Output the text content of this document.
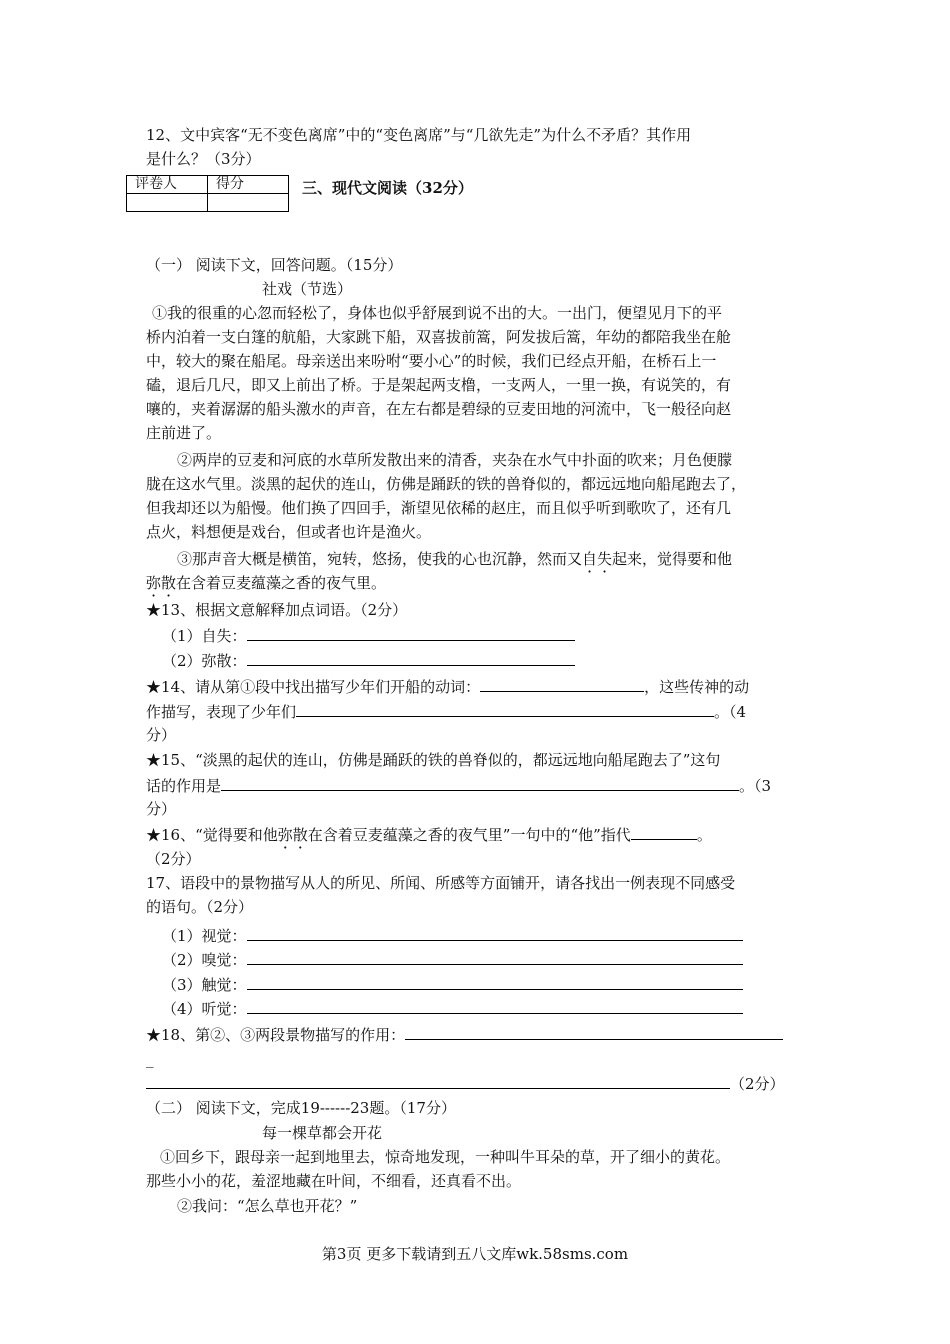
12、文中宾客“无不变色离席”中的“变色离席”与“几欲先走”为什么不矛盾？其作用
是什么？（3分）
评卷人	得分
		三、现代文阅读（32分）
（一） 阅读下文，回答问题。（15分）
社戏（节选）
①我的很重的心忽而轻松了，身体也似乎舒展到说不出的大。一出门，便望见月下的平
桥内泊着一支白篷的航船，大家跳下船，双喜拔前篙，阿发拔后篙，年幼的都陪我坐在舱
中，较大的聚在船尾。母亲送出来吩咐“要小心”的时候，我们已经点开船，在桥石上一
磕，退后几尺，即又上前出了桥。于是架起两支橹，一支两人，一里一换，有说笑的，有
嚷的，夹着潺潺的船头激水的声音，在左右都是碧绿的豆麦田地的河流中，飞一般径向赵
庄前进了。
②两岸的豆麦和河底的水草所发散出来的清香，夹杂在水气中扑面的吹来；月色便朦
胧在这水气里。淡黑的起伏的连山，仿佛是踊跃的铁的兽脊似的，都远远地向船尾跑去了，
但我却还以为船慢。他们换了四回手，渐望见依稀的赵庄，而且似乎听到歌吹了，还有几
点火，料想便是戏台，但或者也许是渔火。
③那声音大概是横笛，宛转，悠扬，使我的心也沉静，然而又自失起来，觉得要和他
弥散在含着豆麦蕴藻之香的夜气里。
★13、根据文意解释加点词语。（2分）
（1）自失：
（2）弥散：
★14、请从第①段中找出描写少年们开船的动词：	，这些传神的动
作描写，表现了少年们	。（4
分）
★15、“淡黑的起伏的连山，仿佛是踊跃的铁的兽脊似的，都远远地向船尾跑去了”这句
话的作用是	。（3
分）
★16、“觉得要和他弥散在含着豆麦蕴藻之香的夜气里”一句中的“他”指代	。
（2分）
17、语段中的景物描写从人的所见、所闻、所感等方面铺开，请各找出一例表现不同感受
的语句。（2分）
（1）视觉：
（2）嗅觉：
（3）触觉：
（4）听觉：
★18、第②、③两段景物描写的作用：
_
（2分）
（二） 阅读下文，完成19------23题。（17分）
每一棵草都会开花
①回乡下，跟母亲一起到地里去，惊奇地发现，一种叫牛耳朵的草，开了细小的黄花。
那些小小的花，羞涩地藏在叶间，不细看，还真看不出。
②我问：“怎么草也开花？”
第3页 更多下载请到五八文库wk.58sms.com
